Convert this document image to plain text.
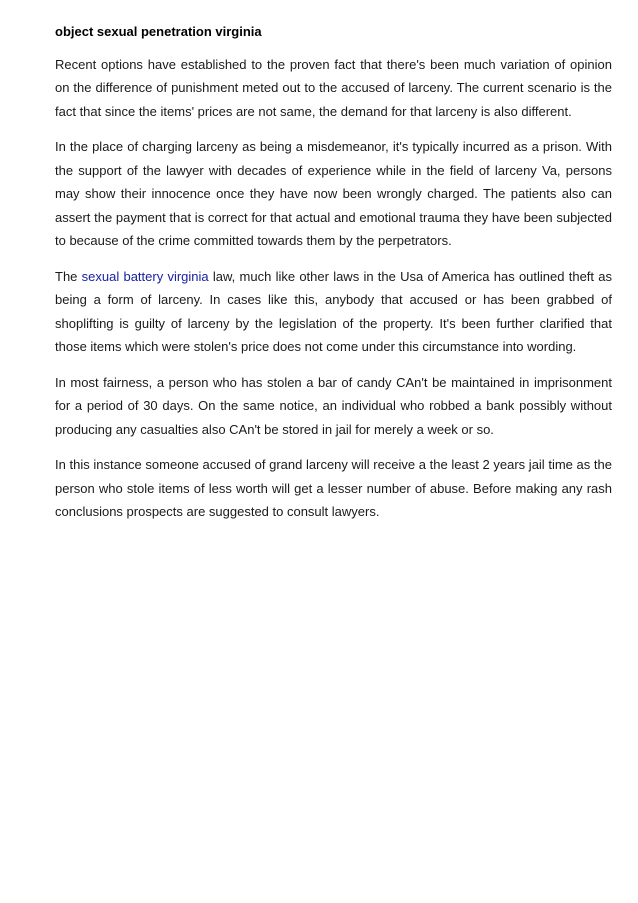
object sexual penetration virginia

Recent options have established to the proven fact that there's been much variation of opinion on the difference of punishment meted out to the accused of larceny. The current scenario is the fact that since the items' prices are not same, the demand for that larceny is also different.

In the place of charging larceny as being a misdemeanor, it's typically incurred as a prison. With the support of the lawyer with decades of experience while in the field of larceny Va, persons may show their innocence once they have now been wrongly charged. The patients also can assert the payment that is correct for that actual and emotional trauma they have been subjected to because of the crime committed towards them by the perpetrators.

The sexual battery virginia law, much like other laws in the Usa of America has outlined theft as being a form of larceny. In cases like this, anybody that accused or has been grabbed of shoplifting is guilty of larceny by the legislation of the property. It's been further clarified that those items which were stolen's price does not come under this circumstance into wording.

In most fairness, a person who has stolen a bar of candy CAn't be maintained in imprisonment for a period of 30 days. On the same notice, an individual who robbed a bank possibly without producing any casualties also CAn't be stored in jail for merely a week or so.

In this instance someone accused of grand larceny will receive a the least 2 years jail time as the person who stole items of less worth will get a lesser number of abuse. Before making any rash conclusions prospects are suggested to consult lawyers.
